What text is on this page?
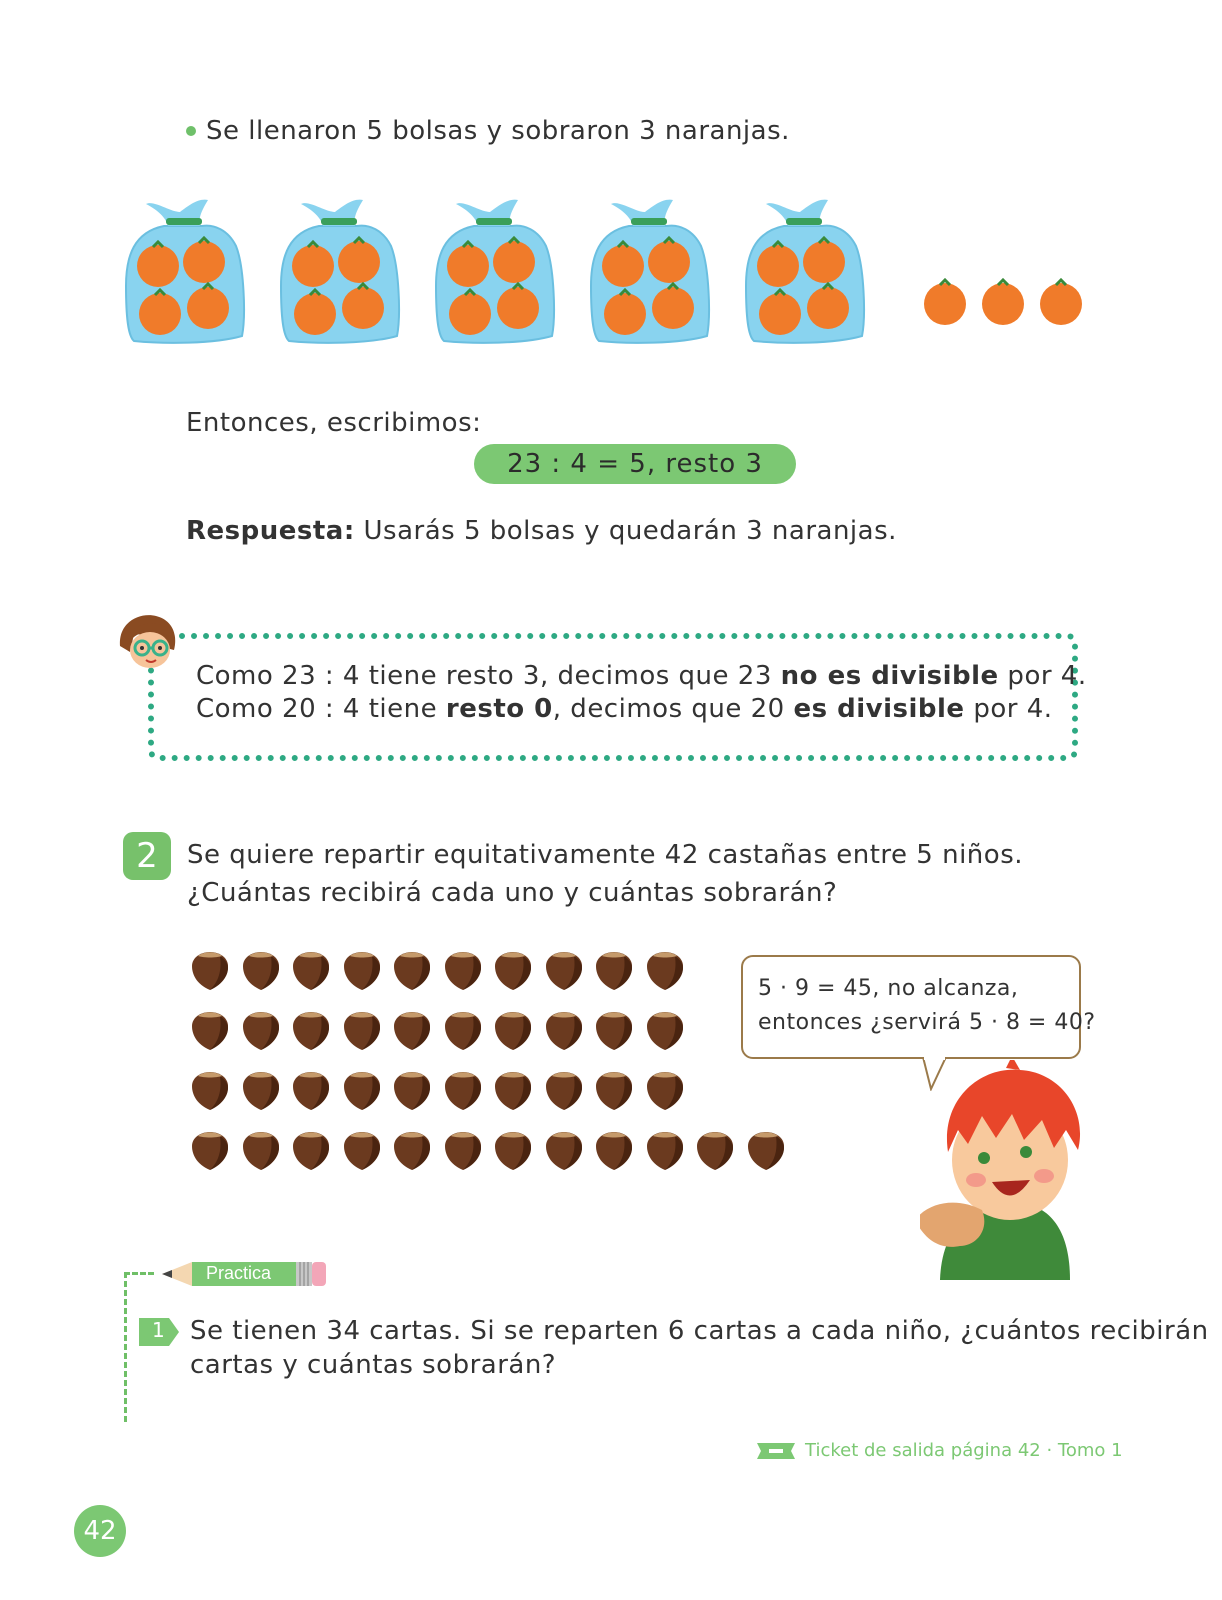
Se llenaron 5 bolsas y sobraron 3 naranjas.
Entonces, escribimos:
23 : 4 = 5, resto 3
Respuesta: Usarás 5 bolsas y quedarán 3 naranjas.
Como 23 : 4 tiene resto 3, decimos que 23 no es divisible por 4.
Como 20 : 4 tiene resto 0, decimos que 20 es divisible por 4.
2	Se quiere repartir equitativamente 42 castañas entre 5 niños.
¿Cuántas recibirá cada uno y cuántas sobrarán?
5 · 9 = 45, no alcanza,
entonces ¿servirá 5 · 8 = 40?
Practica
1 Se tienen 34 cartas. Si se reparten 6 cartas a cada niño, ¿cuántos recibirán
cartas y cuántas sobrarán?
Ticket de salida página 42 · Tomo 1
42
